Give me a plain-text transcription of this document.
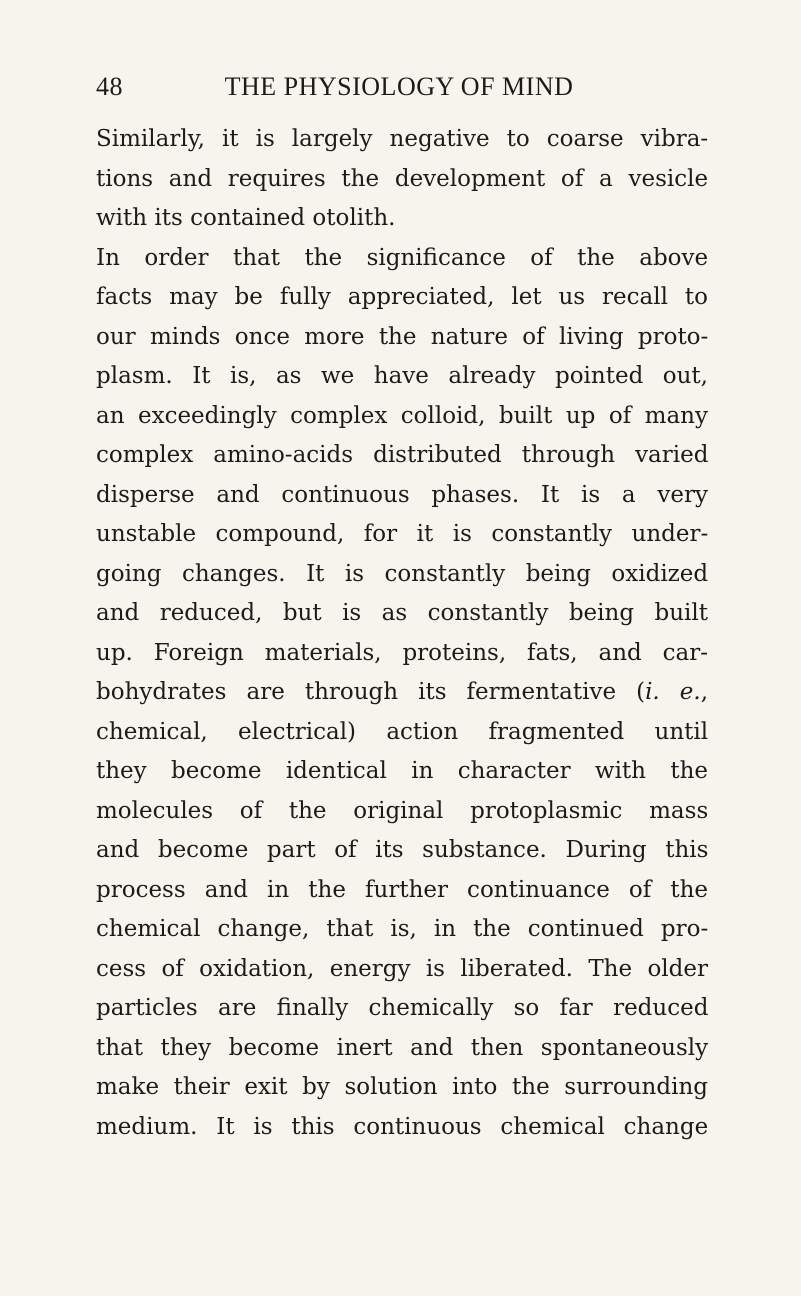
48	THE PHYSIOLOGY OF MIND
Similarly, it is largely negative to coarse vibra-
tions and requires the development of a vesicle
with its contained otolith.
In order that the significance of the above
facts may be fully appreciated, let us recall to
our minds once more the nature of living proto-
plasm. It is, as we have already pointed out,
an exceedingly complex colloid, built up of many
complex amino-acids distributed through varied
disperse and continuous phases. It is a very
unstable compound, for it is constantly under-
going changes. It is constantly being oxidized
and reduced, but is as constantly being built
up. Foreign materials, proteins, fats, and car-
bohydrates are through its fermentative (i. e.,
chemical, electrical) action fragmented until
they become identical in character with the
molecules of the original protoplasmic mass
and become part of its substance. During this
process and in the further continuance of the
chemical change, that is, in the continued pro-
cess of oxidation, energy is liberated. The older
particles are finally chemically so far reduced
that they become inert and then spontaneously
make their exit by solution into the surrounding
medium. It is this continuous chemical change
